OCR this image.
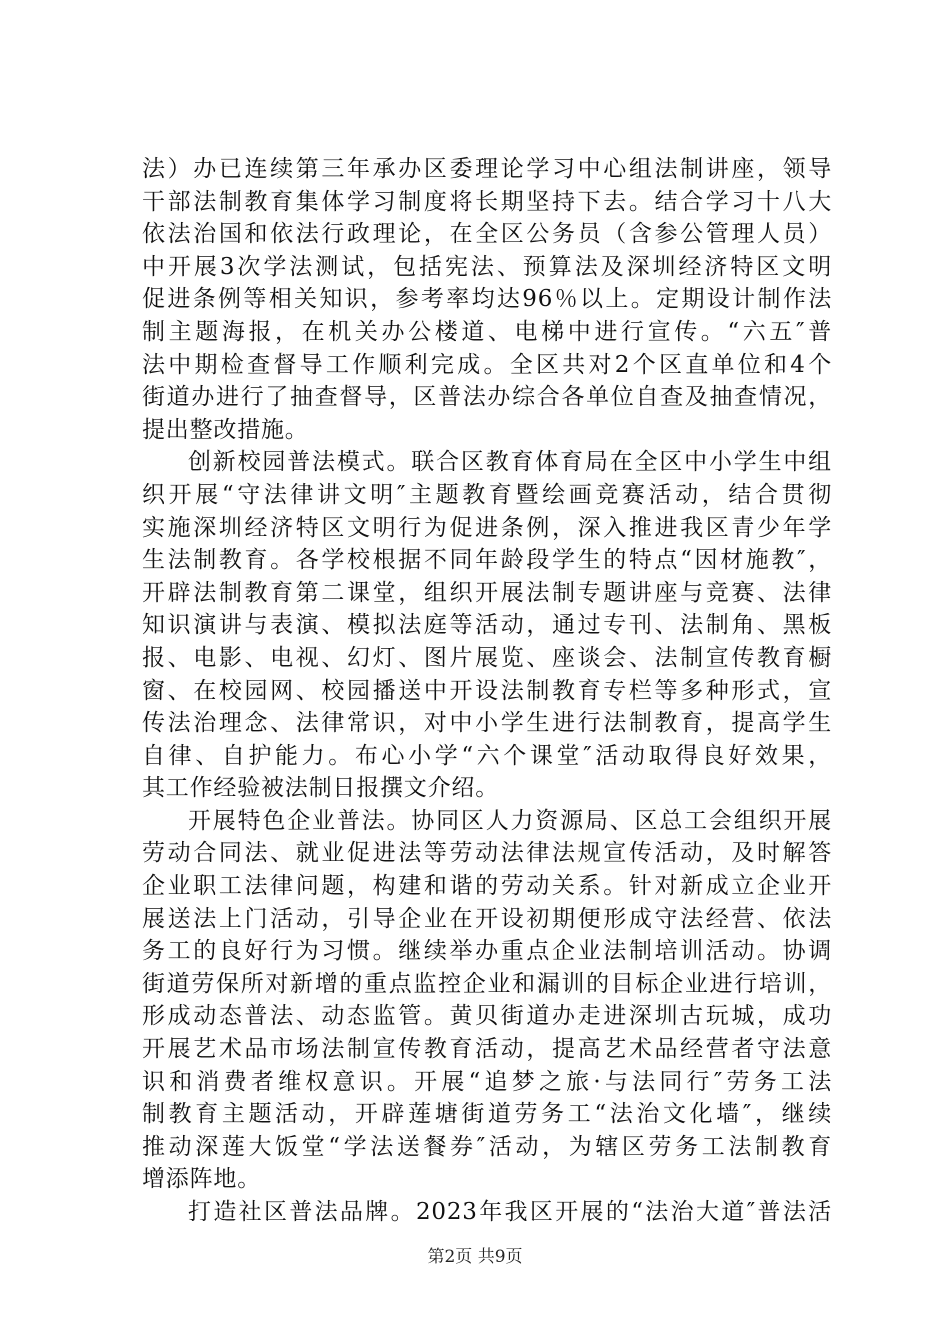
法）办已连续第三年承办区委理论学习中心组法制讲座，领导
干部法制教育集体学习制度将长期坚持下去。结合学习十八大
依法治国和依法行政理论，在全区公务员（含参公管理人员）
中开展3次学法测试，包括宪法、预算法及深圳经济特区文明
促进条例等相关知识，参考率均达96％以上。定期设计制作法
制主题海报，在机关办公楼道、电梯中进行宣传。“六五″普
法中期检查督导工作顺利完成。全区共对2个区直单位和4个
街道办进行了抽查督导，区普法办综合各单位自查及抽查情况，
提出整改措施。
创新校园普法模式。联合区教育体育局在全区中小学生中组
织开展“守法律讲文明″主题教育暨绘画竞赛活动，结合贯彻
实施深圳经济特区文明行为促进条例，深入推进我区青少年学
生法制教育。各学校根据不同年龄段学生的特点“因材施教″，
开辟法制教育第二课堂，组织开展法制专题讲座与竞赛、法律
知识演讲与表演、模拟法庭等活动，通过专刊、法制角、黑板
报、电影、电视、幻灯、图片展览、座谈会、法制宣传教育橱
窗、在校园网、校园播送中开设法制教育专栏等多种形式，宣
传法治理念、法律常识，对中小学生进行法制教育，提高学生
自律、自护能力。布心小学“六个课堂″活动取得良好效果，
其工作经验被法制日报撰文介绍。
开展特色企业普法。协同区人力资源局、区总工会组织开展
劳动合同法、就业促进法等劳动法律法规宣传活动，及时解答
企业职工法律问题，构建和谐的劳动关系。针对新成立企业开
展送法上门活动，引导企业在开设初期便形成守法经营、依法
务工的良好行为习惯。继续举办重点企业法制培训活动。协调
街道劳保所对新增的重点监控企业和漏训的目标企业进行培训，
形成动态普法、动态监管。黄贝街道办走进深圳古玩城，成功
开展艺术品市场法制宣传教育活动，提高艺术品经营者守法意
识和消费者维权意识。开展“追梦之旅·与法同行″劳务工法
制教育主题活动，开辟莲塘街道劳务工“法治文化墙″，继续
推动深莲大饭堂“学法送餐券″活动，为辖区劳务工法制教育
增添阵地。
打造社区普法品牌。2023年我区开展的“法治大道″普法活
第2页 共9页
